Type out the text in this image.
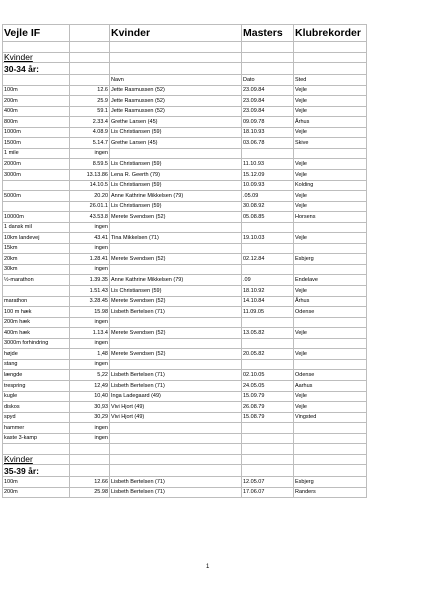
Vejle IF		Kvinder	Masters	Klubrekorder

Kvinder				
30-34 år:				
		Navn	Dato	Sted
100m	12.6	Jette Rasmussen (52)	23.09.84	Vejle
200m	25.9	Jette Rasmussen (52)	23.09.84	Vejle
400m	59.1	Jette Rasmussen (52)	23.09.84	Vejle
800m	2.33.4	Grethe Larsen (45)	09.09.78	Århus
1000m	4.08.9	Lis Christiansen (59)	18.10.93	Vejle
1500m	5.14.7	Grethe Larsen (45)	03.06.78	Skive
1 mile	ingen			
2000m	8.59.5	Lis Christiansen (59)	11.10.93	Vejle
3000m	13.13.86	Lena R. Geerth (79)	15.12.09	Vejle
	14.10.5	Lis Christiansen (59)	10.09.93	Kolding
5000m	20.20	Anne Kathrine Mikkelsen (79)	.05.09	Vejle
	26.01.1	Lis Christiansen (59)	30.08.92	Vejle
10000m	43.53.8	Merete Svendsen (52)	05.08.85	Horsens
1 dansk mil	ingen			
10km landevej	43.41	Tina Mikkelsen (71)	19.10.03	Vejle
15km	ingen			
20km	1.28.41	Merete Svendsen (52)	02.12.84	Esbjerg
30km	ingen			
½-marathon	1.39.35	Anne Kathrine Mikkelsen (79)	.09	Endelave
	1.51.43	Lis Christiansen (59)	18.10.92	Vejle
marathon	3.28.45	Merete Svendsen (52)	14.10.84	Århus
100 m hæk	15.98	Lisbeth Bertelsen (71)	11.09.05	Odense
200m hæk	ingen			
400m hæk	1.13.4	Merete Svendsen (52)	13.05.82	Vejle
3000m forhindring	ingen			
højde	1,48	Merete Svendsen (52)	20.05.82	Vejle
stang	ingen			
længde	5,22	Lisbeth Bertelsen (71)	02.10.05	Odense
trespring	12,49	Lisbeth Bertelsen (71)	24.05.05	Aarhus
kugle	10,40	Inga Ladegaard (49)	15.09.79	Vejle
diskos	30,93	Vivi Hjort (49)	26.08.79	Vejle
spyd	30,29	Vivi Hjort (49)	15.08.79	Vingsted
hammer	ingen			
kaste 3-kamp	ingen			

Kvinder				
35-39 år:				
100m	12.66	Lisbeth Bertelsen (71)	12.05.07	Esbjerg
200m	25.98	Lisbeth Bertelsen (71)	17.06.07	Randers
1
